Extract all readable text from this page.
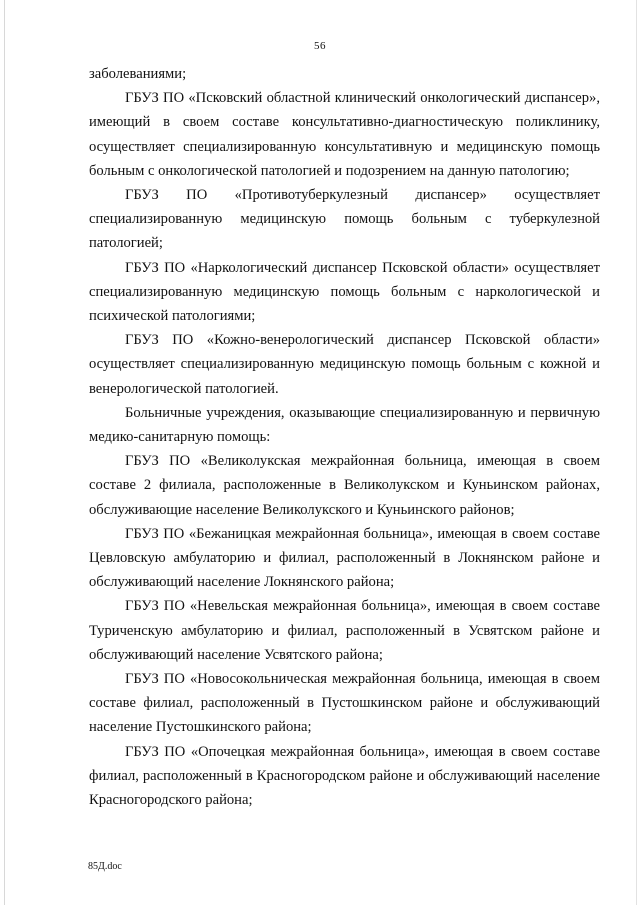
56

заболеваниями;

ГБУЗ ПО «Псковский областной клинический онкологический диспансер», имеющий в своем составе консультативно-диагностическую поликлинику, осуществляет специализированную консультативную и медицинскую помощь больным с онкологической патологией и подозрением на данную патологию;

ГБУЗ ПО «Противотуберкулезный диспансер» осуществляет специализированную медицинскую помощь больным с туберкулезной патологией;

ГБУЗ ПО «Наркологический диспансер Псковской области» осуществляет специализированную медицинскую помощь больным с наркологической и психической патологиями;

ГБУЗ ПО «Кожно-венерологический диспансер Псковской области» осуществляет специализированную медицинскую помощь больным с кожной и венерологической патологией.

Больничные учреждения, оказывающие специализированную и первичную медико-санитарную помощь:

ГБУЗ ПО «Великолукская межрайонная больница, имеющая в своем составе 2 филиала, расположенные в Великолукском и Куньинском районах, обслуживающие население Великолукского и Куньинского районов;

ГБУЗ ПО «Бежаницкая межрайонная больница», имеющая в своем составе Цевловскую амбулаторию и филиал, расположенный в Локнянском районе и обслуживающий население Локнянского района;

ГБУЗ ПО «Невельская межрайонная больница», имеющая в своем составе Туриченскую амбулаторию и филиал, расположенный в Усвятском районе и обслуживающий население Усвятского района;

ГБУЗ ПО «Новосокольническая межрайонная больница, имеющая в своем составе филиал, расположенный в Пустошкинском районе и обслуживающий население Пустошкинского района;

ГБУЗ ПО «Опочецкая межрайонная больница», имеющая в своем составе филиал, расположенный в Красногородском районе и обслуживающий население Красногородского района;

85Д.doc
